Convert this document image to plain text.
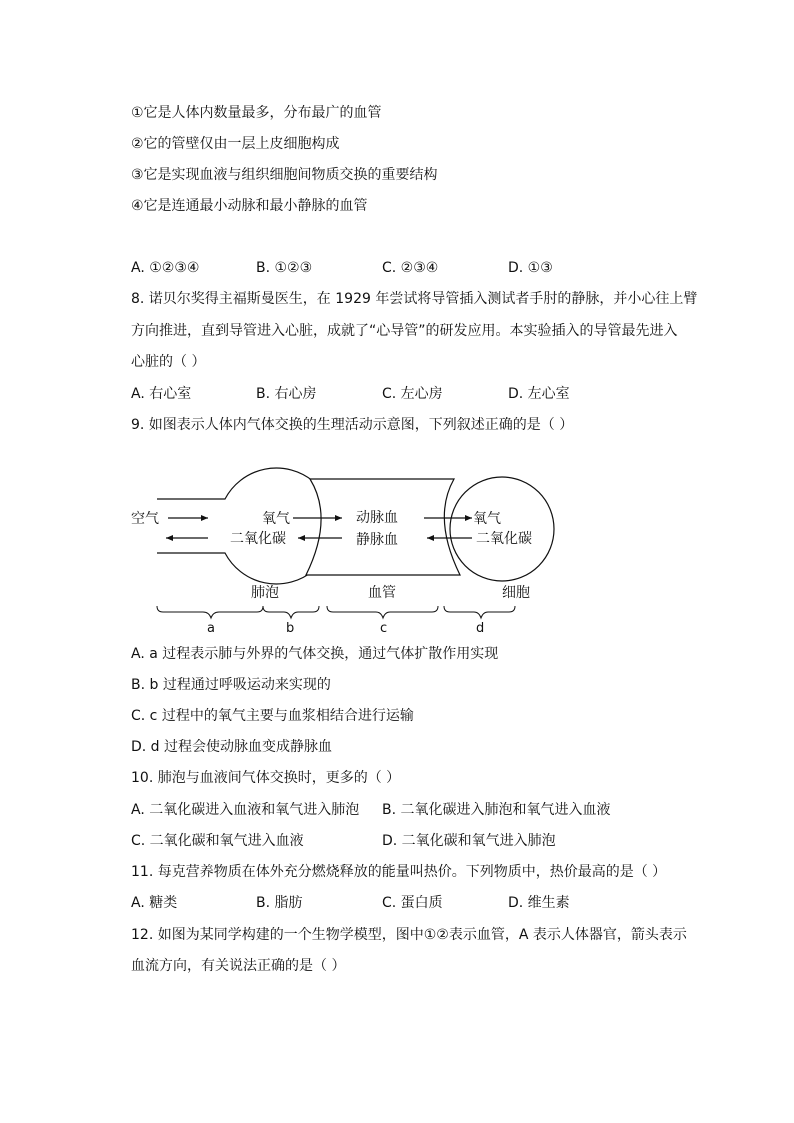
①它是人体内数量最多，分布最广的血管
②它的管壁仅由一层上皮细胞构成
③它是实现血液与组织细胞间物质交换的重要结构
④它是连通最小动脉和最小静脉的血管
A. ①②③④	B. ①②③	C. ②③④	D. ①③
8. 诺贝尔奖得主福斯曼医生，在 1929 年尝试将导管插入测试者手肘的静脉，并小心往上臂
方向推进，直到导管进入心脏，成就了“心导管”的研发应用。本实验插入的导管最先进入
心脏的（ ）
A. 右心室	B. 右心房	C. 左心房	D. 左心室
9. 如图表示人体内气体交换的生理活动示意图，下列叙述正确的是（ ）
空气	氧气
二氧化碳
动脉血
静脉血
氧气
二氧化碳
肺泡	血管	细胞
a	b	c	d
A. a 过程表示肺与外界的气体交换，通过气体扩散作用实现
B. b 过程通过呼吸运动来实现的
C. c 过程中的氧气主要与血浆相结合进行运输
D. d 过程会使动脉血变成静脉血
10. 肺泡与血液间气体交换时，更多的（ ）
A. 二氧化碳进入血液和氧气进入肺泡 B. 二氧化碳进入肺泡和氧气进入血液
C. 二氧化碳和氧气进入血液	D. 二氧化碳和氧气进入肺泡
11. 每克营养物质在体外充分燃烧释放的能量叫热价。下列物质中，热价最高的是（ ）
A. 糖类	B. 脂肪	C. 蛋白质	D. 维生素
12. 如图为某同学构建的一个生物学模型，图中①②表示血管，A 表示人体器官，箭头表示
血流方向，有关说法正确的是（ ）
